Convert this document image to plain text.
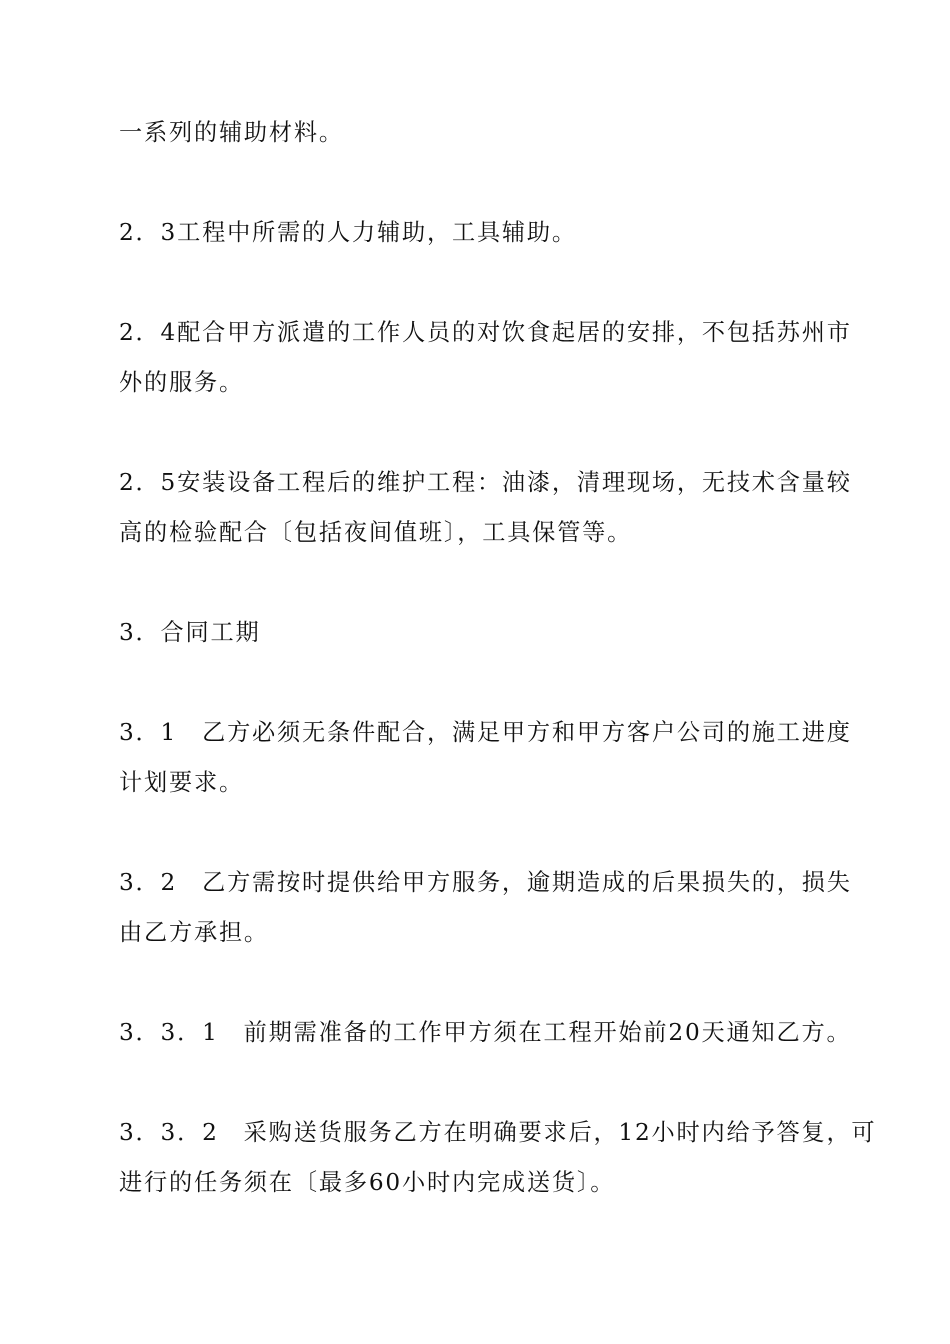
一系列的辅助材料。

2．3工程中所需的人力辅助，工具辅助。

2．4配合甲方派遣的工作人员的对饮食起居的安排，不包括苏州市
外的服务。

2．5安装设备工程后的维护工程：油漆，清理现场，无技术含量较
高的检验配合〔包括夜间值班〕，工具保管等。

3．合同工期

3．1　乙方必须无条件配合，满足甲方和甲方客户公司的施工进度
计划要求。

3．2　乙方需按时提供给甲方服务，逾期造成的后果损失的，损失
由乙方承担。

3．3．1　前期需准备的工作甲方须在工程开始前20天通知乙方。

3．3．2　采购送货服务乙方在明确要求后，12小时内给予答复，可
进行的任务须在〔最多60小时内完成送货〕。
